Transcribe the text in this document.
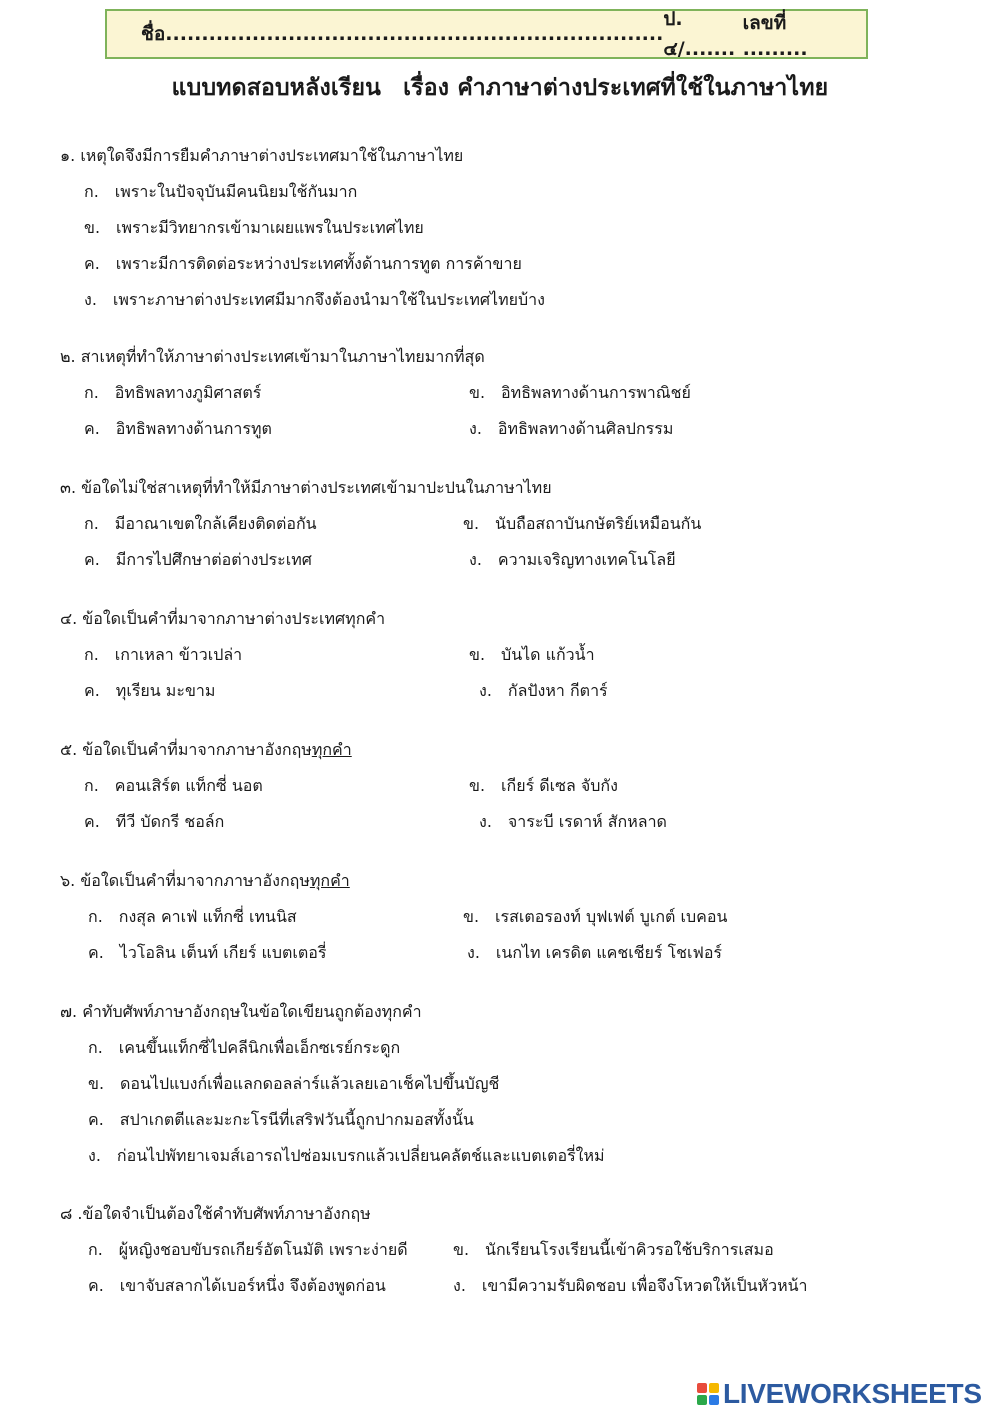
ชื่อ.....................................................................
ป. ๔/.......
เลขที่ .........
แบบทดสอบหลังเรียน เรื่อง คำภาษาต่างประเทศที่ใช้ในภาษาไทย
๑. เหตุใดจึงมีการยืมคำภาษาต่างประเทศมาใช้ในภาษาไทย
ก. เพราะในปัจจุบันมีคนนิยมใช้กันมาก
ข. เพราะมีวิทยากรเข้ามาเผยแพรในประเทศไทย
ค. เพราะมีการติดต่อระหว่างประเทศทั้งด้านการทูต การค้าขาย
ง. เพราะภาษาต่างประเทศมีมากจึงต้องนำมาใช้ในประเทศไทยบ้าง
๒. สาเหตุที่ทำให้ภาษาต่างประเทศเข้ามาในภาษาไทยมากที่สุด
ก. อิทธิพลทางภูมิศาสตร์	ข. อิทธิพลทางด้านการพาณิชย์
ค. อิทธิพลทางด้านการทูต	ง. อิทธิพลทางด้านศิลปกรรม
๓. ข้อใดไม่ใช่สาเหตุที่ทำให้มีภาษาต่างประเทศเข้ามาปะปนในภาษาไทย
ก. มีอาณาเขตใกล้เคียงติดต่อกัน	ข. นับถือสถาบันกษัตริย์เหมือนกัน
ค. มีการไปศึกษาต่อต่างประเทศ	ง. ความเจริญทางเทคโนโลยี
๔. ข้อใดเป็นคำที่มาจากภาษาต่างประเทศทุกคำ
ก. เกาเหลา ข้าวเปล่า	ข. บันได แก้วน้ำ
ค. ทุเรียน มะขาม	ง. กัลปังหา กีตาร์
๕. ข้อใดเป็นคำที่มาจากภาษาอังกฤษทุกคำ
ก. คอนเสิร์ต แท็กซี่ นอต	ข. เกียร์ ดีเซล จับกัง
ค. ทีวี บัดกรี ชอล์ก	ง. จาระบี เรดาห์ สักหลาด
๖. ข้อใดเป็นคำที่มาจากภาษาอังกฤษทุกคำ
ก. กงสุล คาเฟ่ แท็กซี่ เทนนิส	ข. เรสเตอรองท์ บุฟเฟต์ บูเกต์ เบคอน
ค. ไวโอลิน เต็นท์ เกียร์ แบตเตอรี่	ง. เนกไท เครดิต แคชเชียร์ โชเฟอร์
๗. คำทับศัพท์ภาษาอังกฤษในข้อใดเขียนถูกต้องทุกคำ
ก. เคนขึ้นแท็กซี่ไปคลีนิกเพื่อเอ็กซเรย์กระดูก
ข. ดอนไปแบงก์เพื่อแลกดอลล่าร์แล้วเลยเอาเช็คไปขึ้นบัญชี
ค. สปาเกตตีและมะกะโรนีที่เสริฟวันนี้ถูกปากมอสทั้งนั้น
ง. ก่อนไปพัทยาเจมส์เอารถไปซ่อมเบรกแล้วเปลี่ยนคลัตช์และแบตเตอรี่ใหม่
๘ .ข้อใดจำเป็นต้องใช้คำทับศัพท์ภาษาอังกฤษ
ก. ผู้หญิงชอบขับรถเกียร์อัตโนมัติ เพราะง่ายดี	ข. นักเรียนโรงเรียนนี้เข้าคิวรอใช้บริการเสมอ
ค. เขาจับสลากได้เบอร์หนึ่ง จึงต้องพูดก่อน	ง. เขามีความรับผิดชอบ เพื่อจึงโหวตให้เป็นหัวหน้า
LIVEWORKSHEETS
